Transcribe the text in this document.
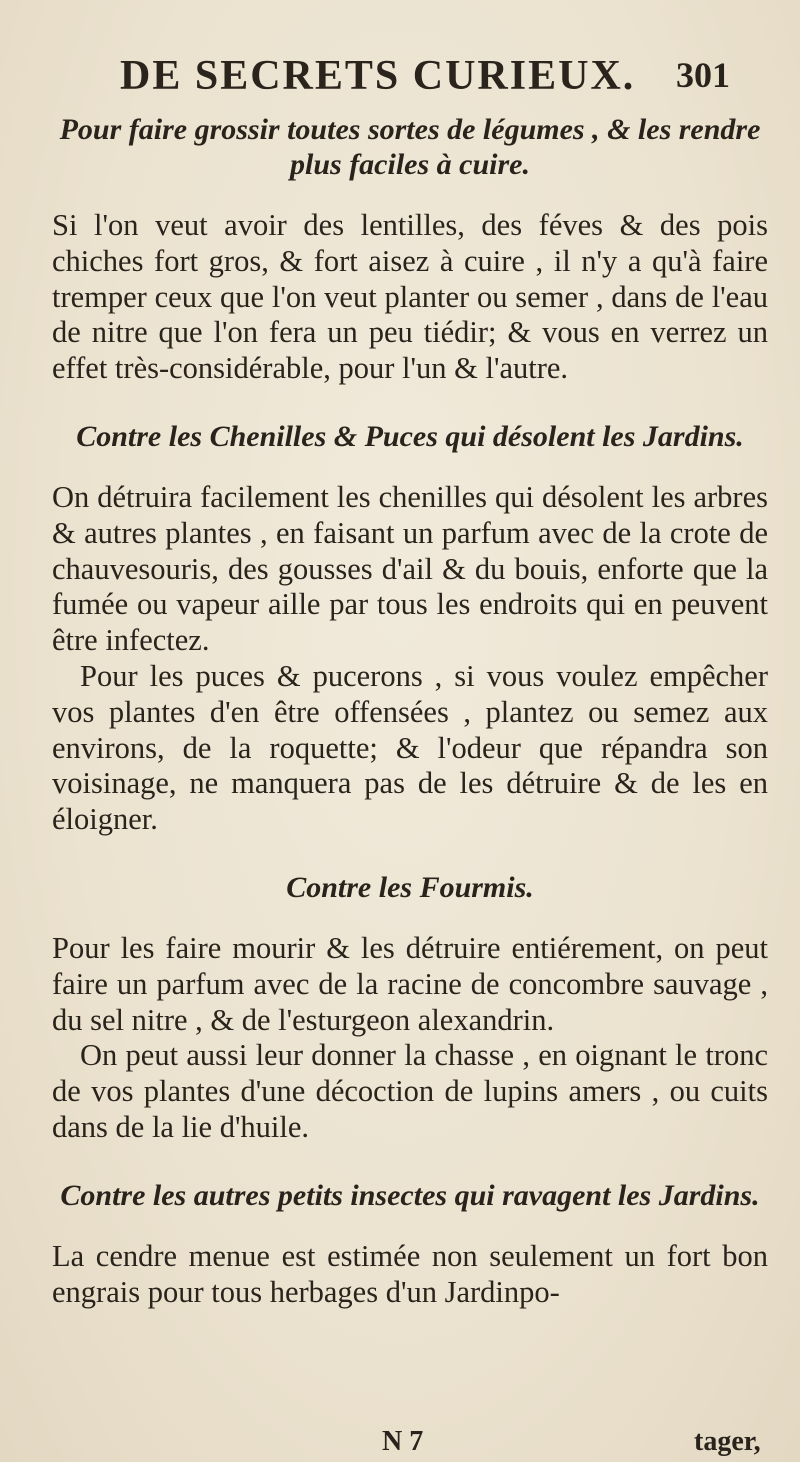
DE SECRETS CURIEUX. 301

Pour faire grossir toutes sortes de légumes , & les rendre plus faciles à cuire.

Si l'on veut avoir des lentilles, des féves & des pois chiches fort gros, & fort aisez à cuire , il n'y a qu'à faire tremper ceux que l'on veut planter ou semer , dans de l'eau de nitre que l'on fera un peu tiédir; & vous en verrez un effet très-considérable, pour l'un & l'autre.

Contre les Chenilles & Puces qui désolent les Jardins.

On détruira facilement les chenilles qui désolent les arbres & autres plantes , en faisant un parfum avec de la crote de chauvesouris, des gousses d'ail & du bouis, enforte que la fumée ou vapeur aille par tous les endroits qui en peuvent être infectez.

Pour les puces & pucerons , si vous voulez empêcher vos plantes d'en être offensées , plantez ou semez aux environs, de la roquette; & l'odeur que répandra son voisinage, ne manquera pas de les détruire & de les en éloigner.

Contre les Fourmis.

Pour les faire mourir & les détruire entiérement, on peut faire un parfum avec de la racine de concombre sauvage , du sel nitre , & de l'esturgeon alexandrin.

On peut aussi leur donner la chasse , en oignant le tronc de vos plantes d'une décoction de lupins amers , ou cuits dans de la lie d'huile.

Contre les autres petits insectes qui ravagent les Jardins.

La cendre menue est estimée non seulement un fort bon engrais pour tous herbages d'un Jardinpo-

N 7	tager,
